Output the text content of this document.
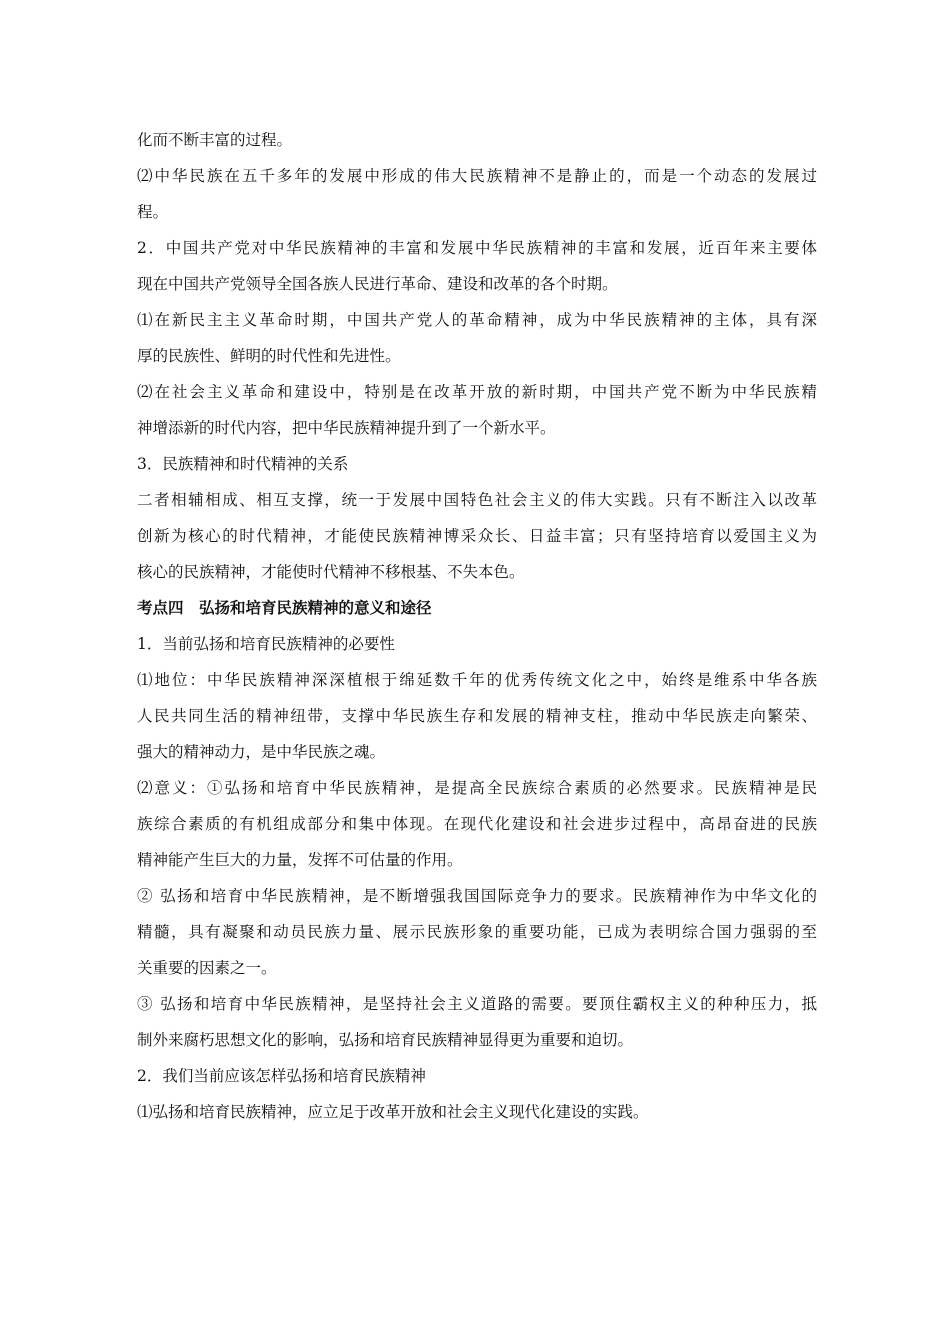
化而不断丰富的过程。
⑵中华民族在五千多年的发展中形成的伟大民族精神不是静止的，而是一个动态的发展过
程。
2．中国共产党对中华民族精神的丰富和发展中华民族精神的丰富和发展，近百年来主要体
现在中国共产党领导全国各族人民进行革命、建设和改革的各个时期。
⑴在新民主主义革命时期，中国共产党人的革命精神，成为中华民族精神的主体，具有深
厚的民族性、鲜明的时代性和先进性。
⑵在社会主义革命和建设中，特别是在改革开放的新时期，中国共产党不断为中华民族精
神增添新的时代内容，把中华民族精神提升到了一个新水平。
3．民族精神和时代精神的关系
二者相辅相成、相互支撑，统一于发展中国特色社会主义的伟大实践。只有不断注入以改革
创新为核心的时代精神，才能使民族精神博采众长、日益丰富；只有坚持培育以爱国主义为
核心的民族精神，才能使时代精神不移根基、不失本色。
考点四　弘扬和培育民族精神的意义和途径
1．当前弘扬和培育民族精神的必要性
⑴地位：中华民族精神深深植根于绵延数千年的优秀传统文化之中，始终是维系中华各族
人民共同生活的精神纽带，支撑中华民族生存和发展的精神支柱，推动中华民族走向繁荣、
强大的精神动力，是中华民族之魂。
⑵意义：①弘扬和培育中华民族精神，是提高全民族综合素质的必然要求。民族精神是民
族综合素质的有机组成部分和集中体现。在现代化建设和社会进步过程中，高昂奋进的民族
精神能产生巨大的力量，发挥不可估量的作用。
② 弘扬和培育中华民族精神，是不断增强我国国际竞争力的要求。民族精神作为中华文化的
精髓，具有凝聚和动员民族力量、展示民族形象的重要功能，已成为表明综合国力强弱的至
关重要的因素之一。
③ 弘扬和培育中华民族精神，是坚持社会主义道路的需要。要顶住霸权主义的种种压力，抵
制外来腐朽思想文化的影响，弘扬和培育民族精神显得更为重要和迫切。
2．我们当前应该怎样弘扬和培育民族精神
⑴弘扬和培育民族精神，应立足于改革开放和社会主义现代化建设的实践。
